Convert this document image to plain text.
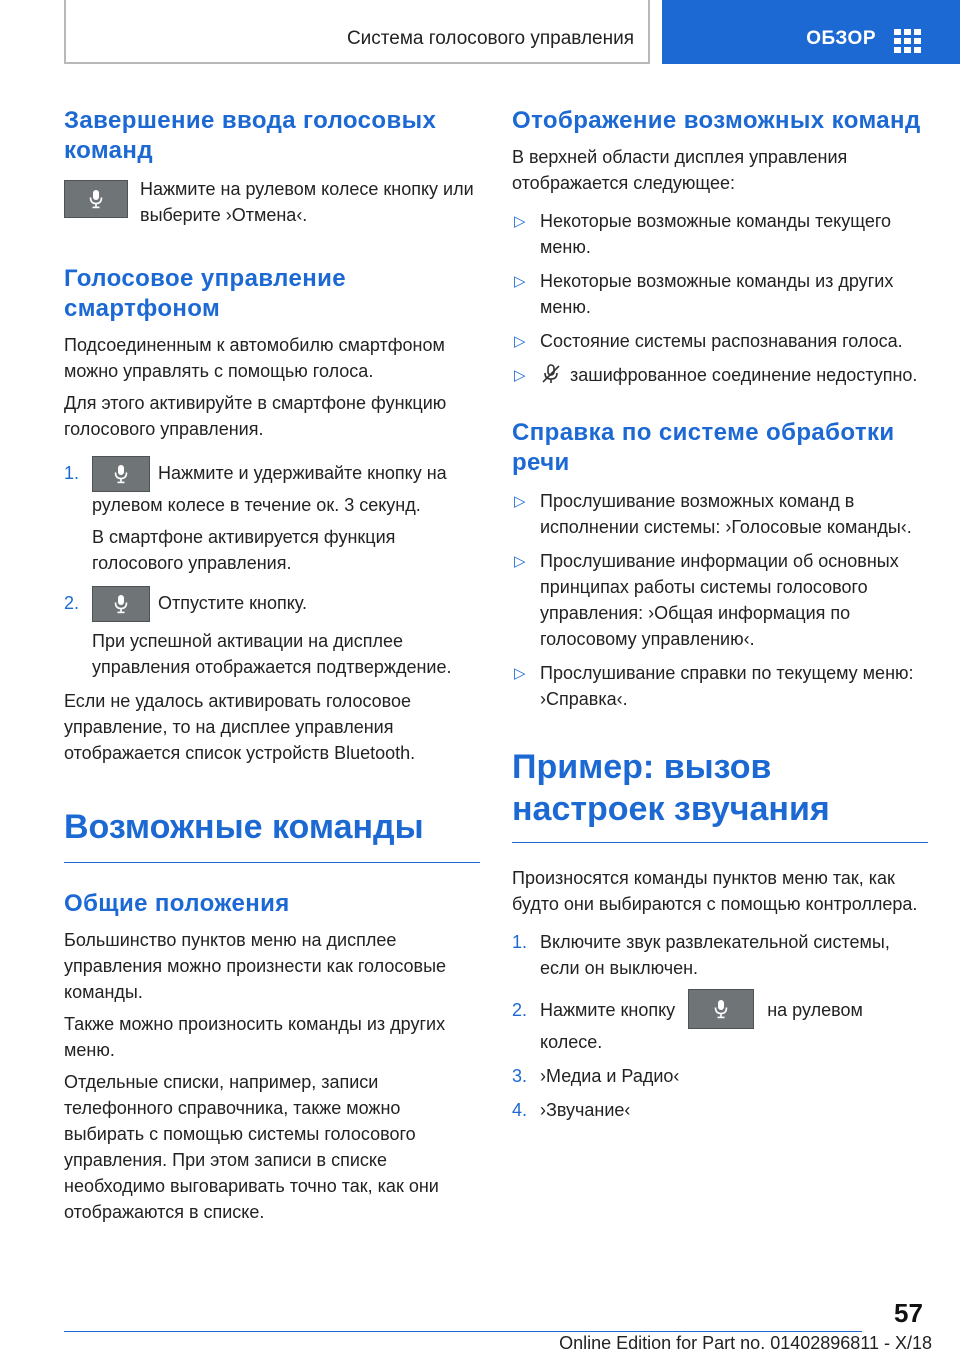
Система голосового управления	ОБЗОР
Завершение ввода голосовых команд

Нажмите на рулевом колесе кнопку или выберите ›Отмена‹.

Голосовое управление смартфоном

Подсоединенным к автомобилю смартфоном можно управлять с помощью голоса.

Для этого активируйте в смартфоне функцию голосового управления.

1.	Нажмите и удерживайте кнопку на рулевом колесе в течение ок. 3 секунд.

В смартфоне активируется функция голосового управления.

2.	Отпустите кнопку.

При успешной активации на дисплее управления отображается подтверждение.

Если не удалось активировать голосовое управление, то на дисплее управления отображается список устройств Bluetooth.

Возможные команды
Общие положения

Большинство пунктов меню на дисплее управления можно произнести как голосовые команды.

Также можно произносить команды из других меню.

Отдельные списки, например, записи телефонного справочника, также можно выбирать с помощью системы голосового управления. При этом записи в списке необходимо выговаривать точно так, как они отображаются в списке.

Отображение возможных команд

В верхней области дисплея управления отображается следующее:

▷ Некоторые возможные команды текущего меню.

▷ Некоторые возможные команды из других меню.

▷ Состояние системы распознавания голоса.

▷	зашифрованное соединение недоступно.

Справка по системе обработки речи
▷ Прослушивание возможных команд в исполнении системы: ›Голосовые команды‹.

▷ Прослушивание информации об основных принципах работы системы голосового управления: ›Общая информация по голосовому управлению‹.

▷ Прослушивание справки по текущему меню: ›Справка‹.

Пример: вызов настроек звучания

Произносятся команды пунктов меню так, как будто они выбираются с помощью контроллера.

1. Включите звук развлекательной системы, если он выключен.

2. Нажмите кнопку	на рулевом колесе.

3. ›Медиа и Радио‹

4. ›Звучание‹

57
Online Edition for Part no. 01402896811 - X/18
